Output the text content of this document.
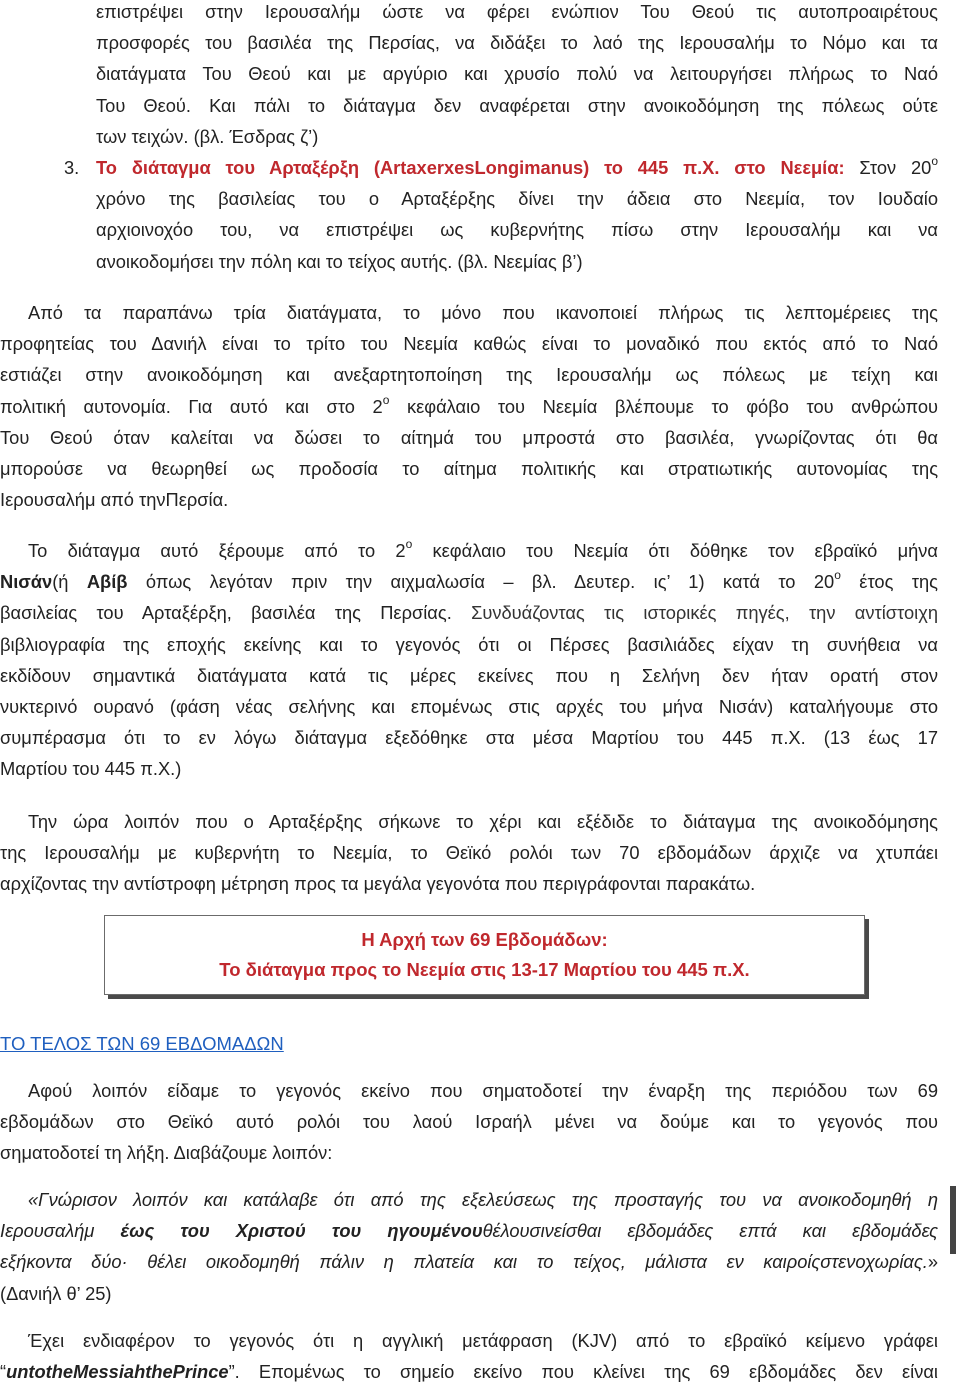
επιστρέψει στην Ιερουσαλήμ ώστε να φέρει ενώπιον Του Θεού τις αυτοπροαιρέτους

προσφορές του βασιλέα της Περσίας, να διδάξει το λαό της Ιερουσαλήμ το Νόμο και τα

διατάγματα Του Θεού και με αργύριο και χρυσίο πολύ να λειτουργήσει πλήρως το Ναό

Του Θεού. Και πάλι το διάταγμα δεν αναφέρεται στην ανοικοδόμηση της πόλεως ούτε

των τειχών. (βλ. Έσδρας ζ’)

3. Το διάταγμα του Αρταξέρξη (ArtaxerxesLongimanus) το 445 π.Χ. στο Νεεμία: Στον $20^o$

χρόνο της βασιλείας του ο Αρταξέρξης δίνει την άδεια στο Νεεμία, τον Ιουδαίο

αρχιοινοχόο του, να επιστρέψει ως κυβερνήτης πίσω στην Ιερουσαλήμ και να

ανοικοδομήσει την πόλη και το τείχος αυτής. (βλ. Νεεμίας β’)

Από τα παραπάνω τρία διατάγματα, το μόνο που ικανοποιεί πλήρως τις λεπτομέρειες της

προφητείας του Δανιήλ είναι το τρίτο του Νεεμία καθώς είναι το μοναδικό που εκτός από το Ναό

εστιάζει στην ανοικοδόμηση και ανεξαρτητοποίηση της Ιερουσαλήμ ως πόλεως με τείχη και

πολιτική αυτονομία. Για αυτό και στο $2^o$ κεφάλαιο του Νεεμία βλέπουμε το φόβο του ανθρώπου

Του Θεού όταν καλείται να δώσει το αίτημά του μπροστά στο βασιλέα, γνωρίζοντας ότι θα

μπορούσε να θεωρηθεί ως προδοσία το αίτημα πολιτικής και στρατιωτικής αυτονομίας της

Ιερουσαλήμ από τηνΠερσία.

Το διάταγμα αυτό ξέρουμε από το $2^o$ κεφάλαιο του Νεεμία ότι δόθηκε τον εβραϊκό μήνα

Νισάν(ή Αβίβ όπως λεγόταν πριν την αιχμαλωσία – βλ. Δευτερ. ις’ 1) κατά το $20^o$ έτος της

βασιλείας του Αρταξέρξη, βασιλέα της Περσίας. Συνδυάζοντας τις ιστορικές πηγές, την αντίστοιχη

βιβλιογραφία της εποχής εκείνης και το γεγονός ότι οι Πέρσες βασιλιάδες είχαν τη συνήθεια να

εκδίδουν σημαντικά διατάγματα κατά τις μέρες εκείνες που η Σελήνη δεν ήταν ορατή στον

νυκτερινό ουρανό (φάση νέας σελήνης και επομένως στις αρχές του μήνα Νισάν) καταλήγουμε στο

συμπέρασμα ότι το εν λόγω διάταγμα εξεδόθηκε στα μέσα Μαρτίου του 445 π.Χ. (13 έως 17

Μαρτίου του 445 π.Χ.)

Την ώρα λοιπόν που ο Αρταξέρξης σήκωνε το χέρι και εξέδιδε το διάταγμα της ανοικοδόμησης

της Ιερουσαλήμ με κυβερνήτη το Νεεμία, το Θεϊκό ρολόι των 70 εβδομάδων άρχιζε να χτυπάει

αρχίζοντας την αντίστροφη μέτρηση προς τα μεγάλα γεγονότα που περιγράφονται παρακάτω.

Η Αρχή των 69 Εβδομάδων:
Το διάταγμα προς το Νεεμία στις 13-17 Μαρτίου του 445 π.Χ.
ΤΟ ΤΕΛΟΣ ΤΩΝ 69 ΕΒΔΟΜΑΔΩΝ

Αφού λοιπόν είδαμε το γεγονός εκείνο που σηματοδοτεί την έναρξη της περιόδου των 69

εβδομάδων στο Θεϊκό αυτό ρολόι του λαού Ισραήλ μένει να δούμε και το γεγονός που

σηματοδοτεί τη λήξη. Διαβάζουμε λοιπόν:

«Γνώρισον λοιπόν και κατάλαβε ότι από της εξελεύσεως της προσταγής του να ανοικοδομηθή η

Ιερουσαλήμ έως του Χριστού του ηγουμένουθέλουσινείσθαι εβδομάδες επτά και εβδομάδες

εξήκοντα δύο· θέλει οικοδομηθή πάλιν η πλατεία και το τείχος, μάλιστα εν καιροίςστενοχωρίας.»

(Δανιήλ θ’ 25)

Έχει ενδιαφέρον το γεγονός ότι η αγγλική μετάφραση (KJV) από το εβραϊκό κείμενο γράφει

“untotheMessiahthePrince”. Επομένως το σημείο εκείνο που κλείνει της 69 εβδομάδες δεν είναι
